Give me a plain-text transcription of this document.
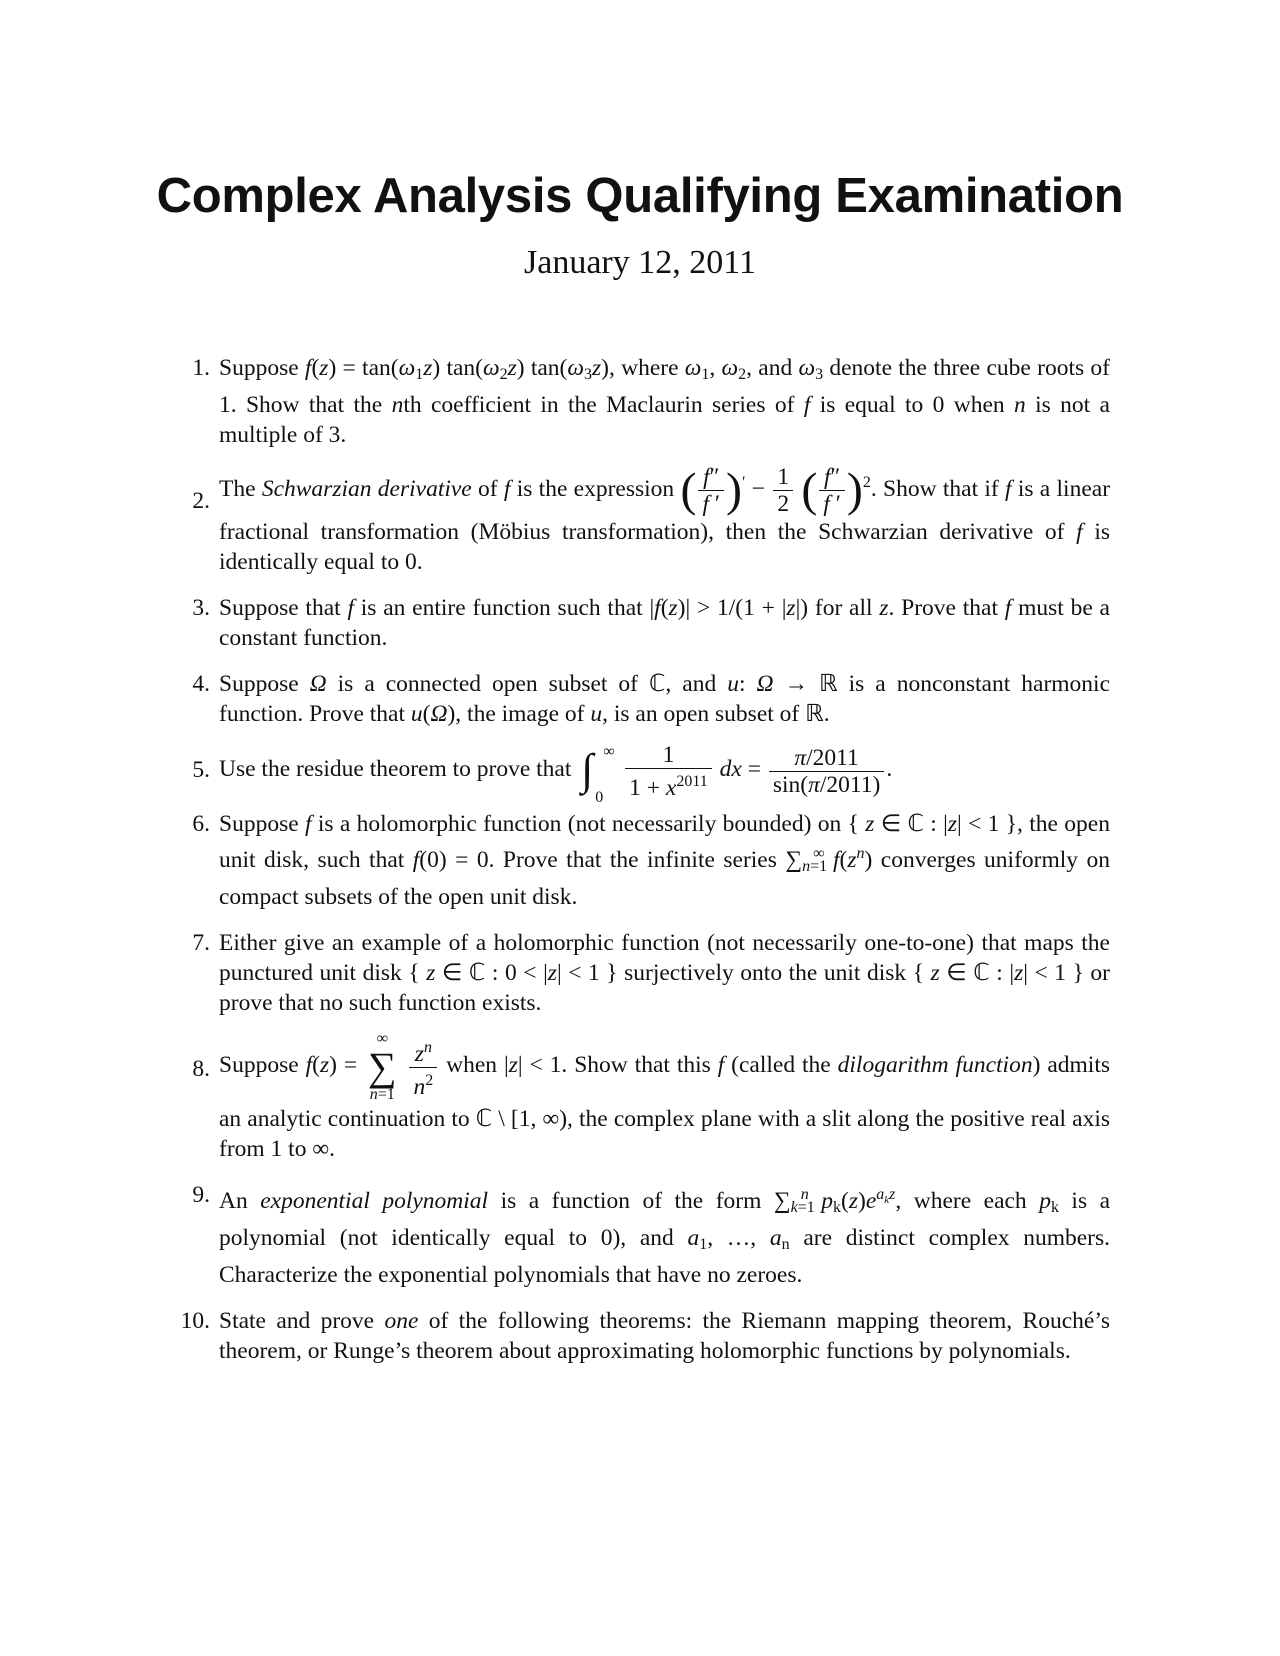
Complex Analysis Qualifying Examination
January 12, 2011
1. Suppose $f(z) = \tan(\omega_1z)$ $\tan(\omega_2z)$ $\tan(\omega_3z)$, where $\omega_1$, $\omega_2$, and $\omega_3$ denote the three cube roots of 1. Show that the nth coefficient in the Maclaurin series of f is equal to 0 when n is not a multiple of 3.
2. The Schwarzian derivative of f is the expression ( $\frac{f''}{f '} )' - \frac{1}{2}$ ( $\frac{f''}{f '} )^2$. Show that if f is a linear fractional transformation (Möbius transformation), then the Schwarzian derivative of f is identically equal to 0.
3. Suppose that f is an entire function such that |f(z)| > 1/(1 + |z|) for all z. Prove that f must be a constant function.
4. Suppose Ω is a connected open subset of ℂ, and u: Ω → ℝ is a nonconstant harmonic function. Prove that u(Ω), the image of u, is an open subset of ℝ.
5. Use the residue theorem to prove that ∫ ∞
0
$\frac{1}{1 + x^{2011}}$ dx = $\frac{\pi/2011}{\sin(\pi/2011)}$ .
6. Suppose f is a holomorphic function (not necessarily bounded) on { z ∈ ℂ : |z| < 1 }, the open unit disk, such that f(0) = 0. Prove that the infinite series $\sum_{n=1}^\infty$ $f(z^n)$ converges uniformly on compact subsets of the open unit disk.
7. Either give an example of a holomorphic function (not necessarily one-to-one) that maps the punctured unit disk { z ∈ ℂ : 0 < |z| < 1 } surjectively onto the unit disk { z ∈ ℂ : |z| < 1 } or prove that no such function exists.
8. Suppose f(z) =
∞
∑
n=1
$\frac{z^n}{n^2}$ when |z| < 1. Show that this f (called the dilogarithm function) admits an analytic continuation to ℂ \ [1, ∞), the complex plane with a slit along the positive real axis from 1 to ∞.
9. An exponential polynomial is a function of the form $\sum_{k=1}^n$ $p_k(z)e^{a_kz}$, where each $p_k$ is a polynomial (not identically equal to 0), and $a_1$, …, $a_n$ are distinct complex numbers. Characterize the exponential polynomials that have no zeroes.
10. State and prove one of the following theorems: the Riemann mapping theorem, Rouché’s theorem, or Runge’s theorem about approximating holomorphic functions by polynomials.
